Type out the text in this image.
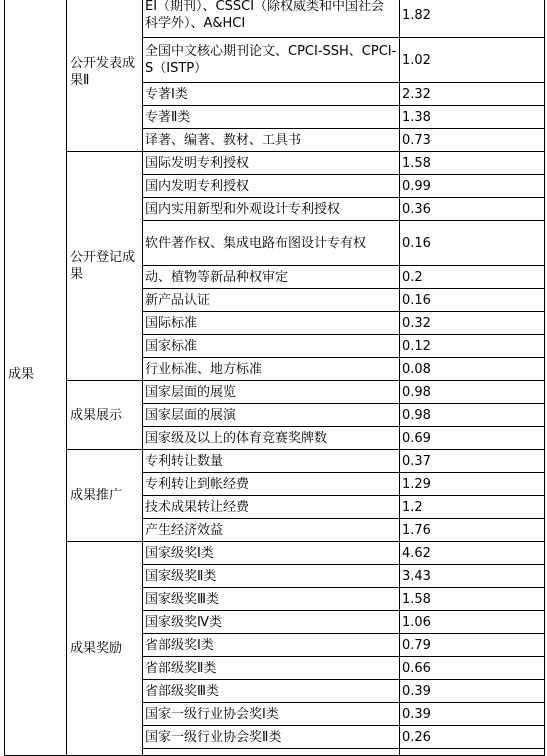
成果	公开发表成果Ⅱ	EI（期刊）、CSSCI（除权威类和中国社会科学外）、A&HCI	1.82
		全国中文核心期刊论文、CPCI-SSH、CPCI-S（ISTP）	1.02
		专著Ⅰ类	2.32
		专著Ⅱ类	1.38
		译著、编著、教材、工具书	0.73
	公开登记成果	国际发明专利授权	1.58
		国内发明专利授权	0.99
		国内实用新型和外观设计专利授权	0.36
		软件著作权、集成电路布图设计专有权	0.16
		动、植物等新品种权审定	0.2
		新产品认证	0.16
		国际标准	0.32
		国家标准	0.12
		行业标准、地方标准	0.08
	成果展示	国家层面的展览	0.98
		国家层面的展演	0.98
		国家级及以上的体育竞赛奖牌数	0.69
	成果推广	专利转让数量	0.37
		专利转让到帐经费	1.29
		技术成果转让经费	1.2
		产生经济效益	1.76
	成果奖励	国家级奖Ⅰ类	4.62
		国家级奖Ⅱ类	3.43
		国家级奖Ⅲ类	1.58
		国家级奖Ⅳ类	1.06
		省部级奖Ⅰ类	0.79
		省部级奖Ⅱ类	0.66
		省部级奖Ⅲ类	0.39
		国家一级行业协会奖Ⅰ类	0.39
		国家一级行业协会奖Ⅱ类	0.26
